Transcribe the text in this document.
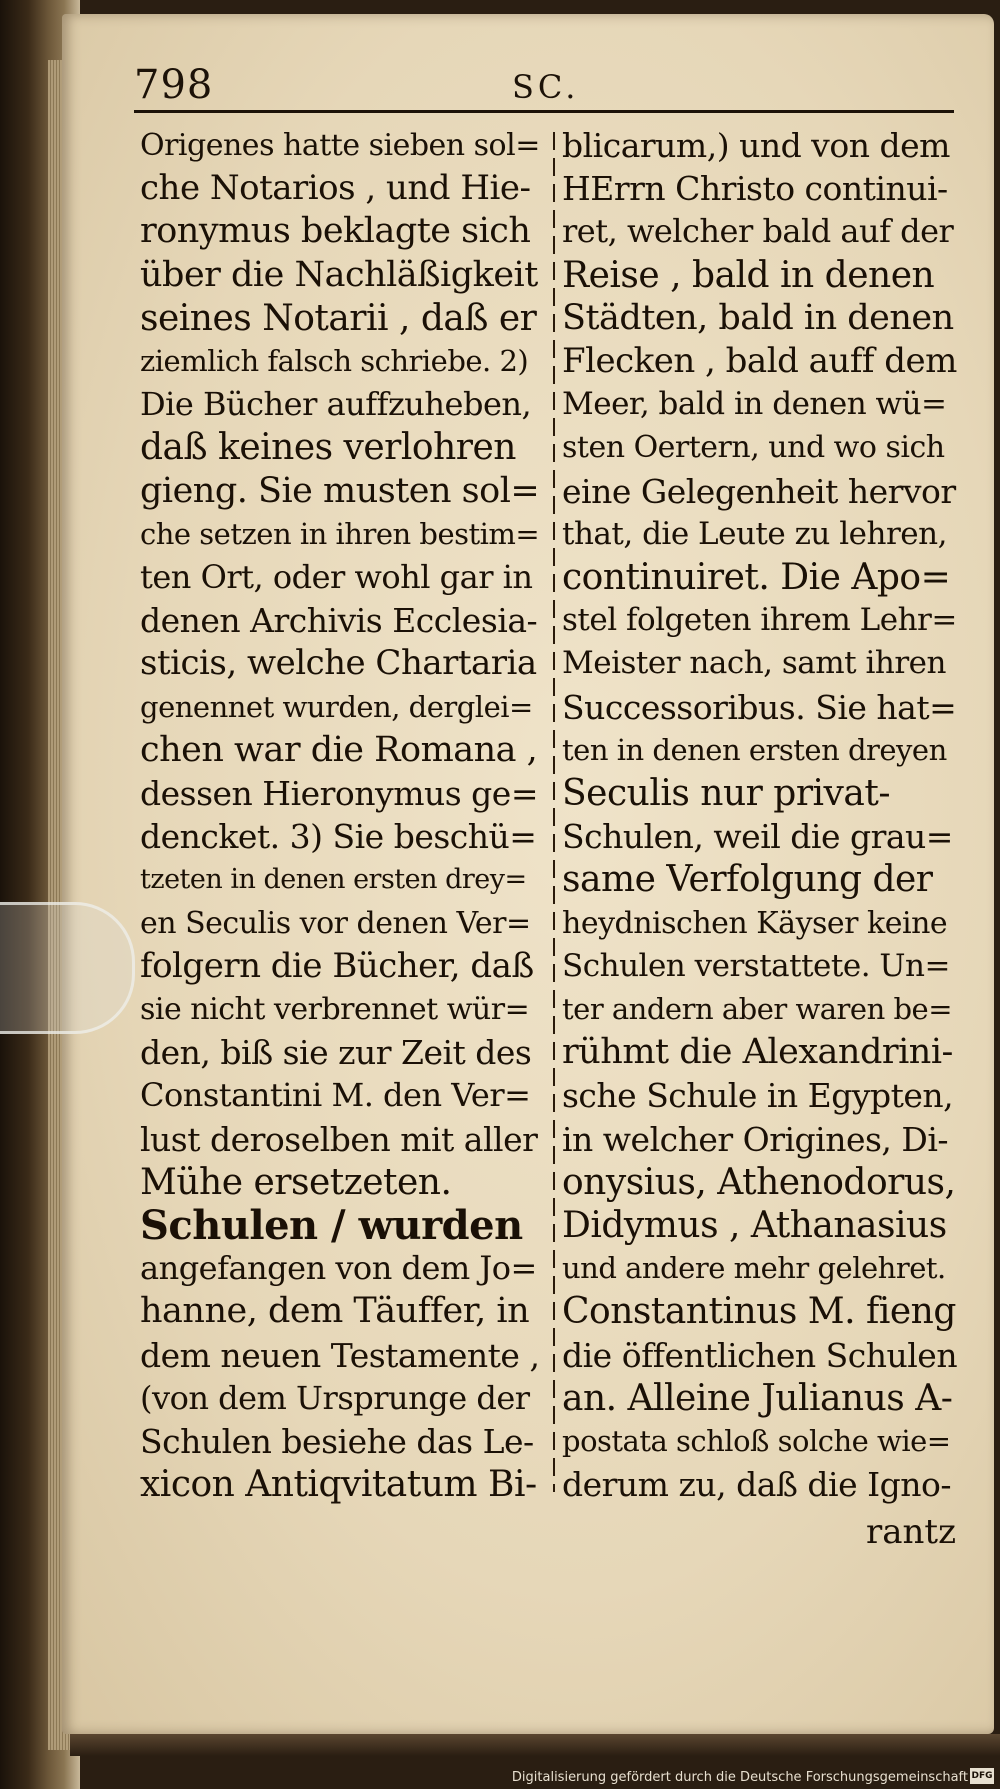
798	SC.
Origenes hatte sieben sol=
che Notarios , und Hie-
ronymus beklagte sich
über die Nachläßigkeit
seines Notarii , daß er
ziemlich falsch schriebe. 2)
Die Bücher auffzuheben,
daß keines verlohren
gieng. Sie musten sol=
che setzen in ihren bestim=
ten Ort, oder wohl gar in
denen Archivis Ecclesia-
sticis, welche Chartaria
genennet wurden, derglei=
chen war die Romana ,
dessen Hieronymus ge=
dencket. 3) Sie beschü=
tzeten in denen ersten drey=
en Seculis vor denen Ver=
folgern die Bücher, daß
sie nicht verbrennet wür=
den, biß sie zur Zeit des
Constantini M. den Ver=
lust deroselben mit aller
Mühe ersetzeten.
Schulen / wurden
angefangen von dem Jo=
hanne, dem Täuffer, in
dem neuen Testamente ,
(von dem Ursprunge der
Schulen besiehe das Le-
xicon Antiqvitatum Bi-
blicarum,) und von dem
HErrn Christo continui-
ret, welcher bald auf der
Reise , bald in denen
Städten, bald in denen
Flecken , bald auff dem
Meer, bald in denen wü=
sten Oertern, und wo sich
eine Gelegenheit hervor
that, die Leute zu lehren,
continuiret. Die Apo=
stel folgeten ihrem Lehr=
Meister nach, samt ihren
Successoribus. Sie hat=
ten in denen ersten dreyen
Seculis nur privat-
Schulen, weil die grau=
same Verfolgung der
heydnischen Käyser keine
Schulen verstattete. Un=
ter andern aber waren be=
rühmt die Alexandrini-
sche Schule in Egypten,
in welcher Origines, Di-
onysius, Athenodorus,
Didymus , Athanasius
und andere mehr gelehret.
Constantinus M. fieng
die öffentlichen Schulen
an. Alleine Julianus A-
postata schloß solche wie=
derum zu, daß die Igno-
rantz
Digitalisierung gefördert durch die Deutsche Forschungsgemeinschaft DFG
